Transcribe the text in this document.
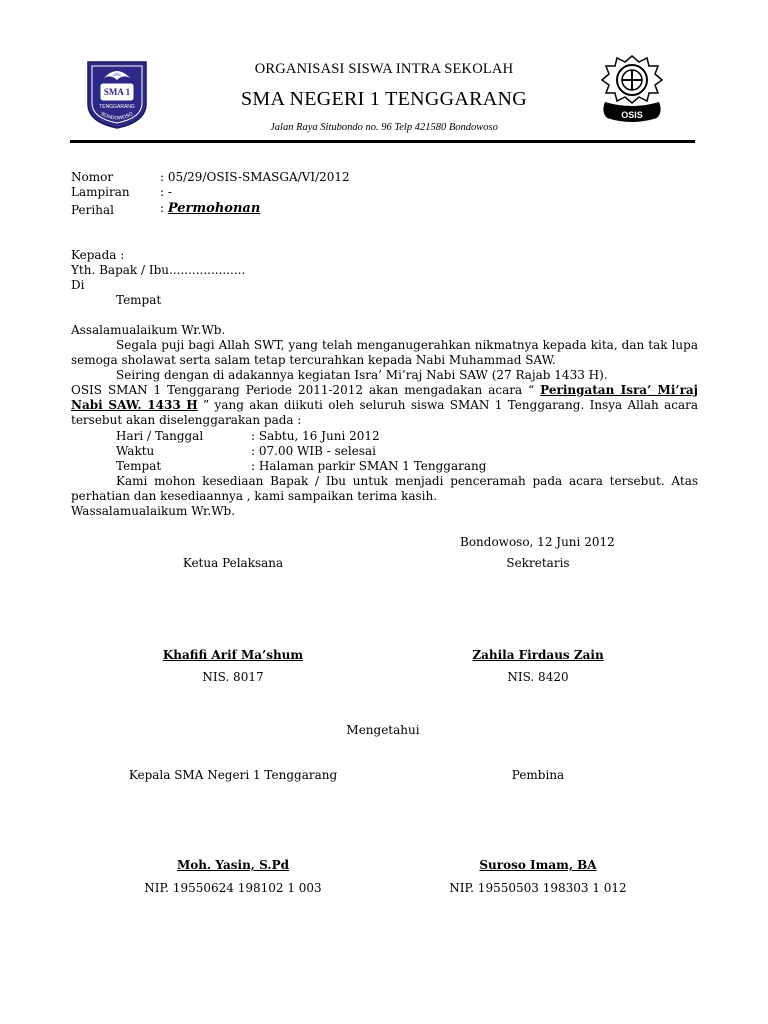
SMA 1
TENGGARANG
BONDOWOSO	OSIS
ORGANISASI SISWA INTRA SEKOLAH
SMA NEGERI 1 TENGGARANG
Jalan Raya Situbondo no. 96 Telp 421580 Bondowoso
Nomor	: 05/29/OSIS-SMASGA/VI/2012
Lampiran	: -
Perihal	: Permohonan
Kepada :
Yth. Bapak / Ibu....................
Di
Tempat
Assalamualaikum Wr.Wb.
Segala puji bagi Allah SWT, yang telah menganugerahkan nikmatnya kepada kita, dan tak lupa semoga sholawat serta salam tetap tercurahkan kepada Nabi Muhammad SAW.
Seiring dengan di adakannya kegiatan Isra’ Mi’raj Nabi SAW (27 Rajab 1433 H).
OSIS SMAN 1 Tenggarang Periode 2011-2012 akan mengadakan acara “ Peringatan Isra’ Mi’raj Nabi SAW. 1433 H ” yang akan diikuti oleh seluruh siswa SMAN 1 Tenggarang. Insya Allah acara tersebut akan diselenggarakan pada :
Hari / Tanggal	: Sabtu, 16 Juni 2012
Waktu	: 07.00 WIB - selesai
Tempat	: Halaman parkir SMAN 1 Tenggarang
Kami mohon kesediaan Bapak / Ibu untuk menjadi penceramah pada acara tersebut. Atas perhatian dan kesediaannya , kami sampaikan terima kasih.
Wassalamualaikum Wr.Wb.
Bondowoso, 12 Juni 2012
Ketua Pelaksana	Sekretaris
Khafifi Arif Ma’shum	Zahila Firdaus Zain
NIS. 8017	NIS. 8420
Mengetahui
Kepala SMA Negeri 1 Tenggarang	Pembina
Moh. Yasin, S.Pd	Suroso Imam, BA
NIP. 19550624 198102 1 003	NIP. 19550503 198303 1 012
